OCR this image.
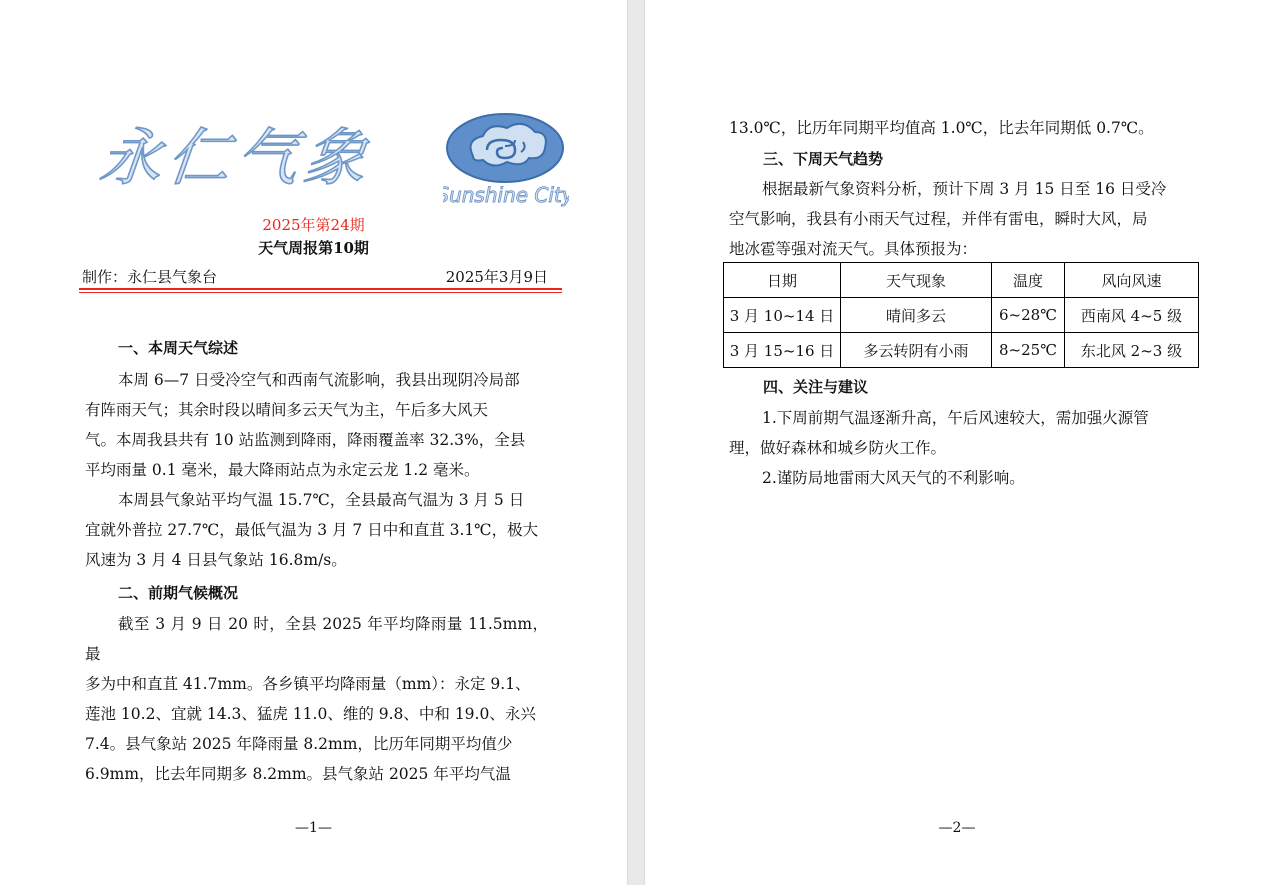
永仁气象
Sunshine City
2025年第24期
天气周报第10期
制作：永仁县气象台	2025年3月9日
一、本周天气综述
本周 6—7 日受冷空气和西南气流影响，我县出现阴冷局部
有阵雨天气；其余时段以晴间多云天气为主，午后多大风天
气。本周我县共有 10 站监测到降雨，降雨覆盖率 32.3%，全县
平均雨量 0.1 毫米，最大降雨站点为永定云龙 1.2 毫米。
本周县气象站平均气温 15.7℃，全县最高气温为 3 月 5 日
宜就外普拉 27.7℃，最低气温为 3 月 7 日中和直苴 3.1℃，极大
风速为 3 月 4 日县气象站 16.8m/s。
二、前期气候概况
截至 3 月 9 日 20 时，全县 2025 年平均降雨量 11.5mm，最
多为中和直苴 41.7mm。各乡镇平均降雨量（mm）：永定 9.1、
莲池 10.2、宜就 14.3、猛虎 11.0、维的 9.8、中和 19.0、永兴
7.4。县气象站 2025 年降雨量 8.2mm，比历年同期平均值少
6.9mm，比去年同期多 8.2mm。县气象站 2025 年平均气温
—1—
13.0℃，比历年同期平均值高 1.0℃，比去年同期低 0.7℃。
三、下周天气趋势
根据最新气象资料分析，预计下周 3 月 15 日至 16 日受冷
空气影响，我县有小雨天气过程，并伴有雷电，瞬时大风，局
地冰雹等强对流天气。具体预报为：
日期	天气现象	温度	风向风速
3 月 10~14 日	晴间多云	6~28℃	西南风 4~5 级
3 月 15~16 日	多云转阴有小雨	8~25℃	东北风 2~3 级
四、关注与建议
1.下周前期气温逐渐升高，午后风速较大，需加强火源管
理，做好森林和城乡防火工作。
2.谨防局地雷雨大风天气的不利影响。
—2—
